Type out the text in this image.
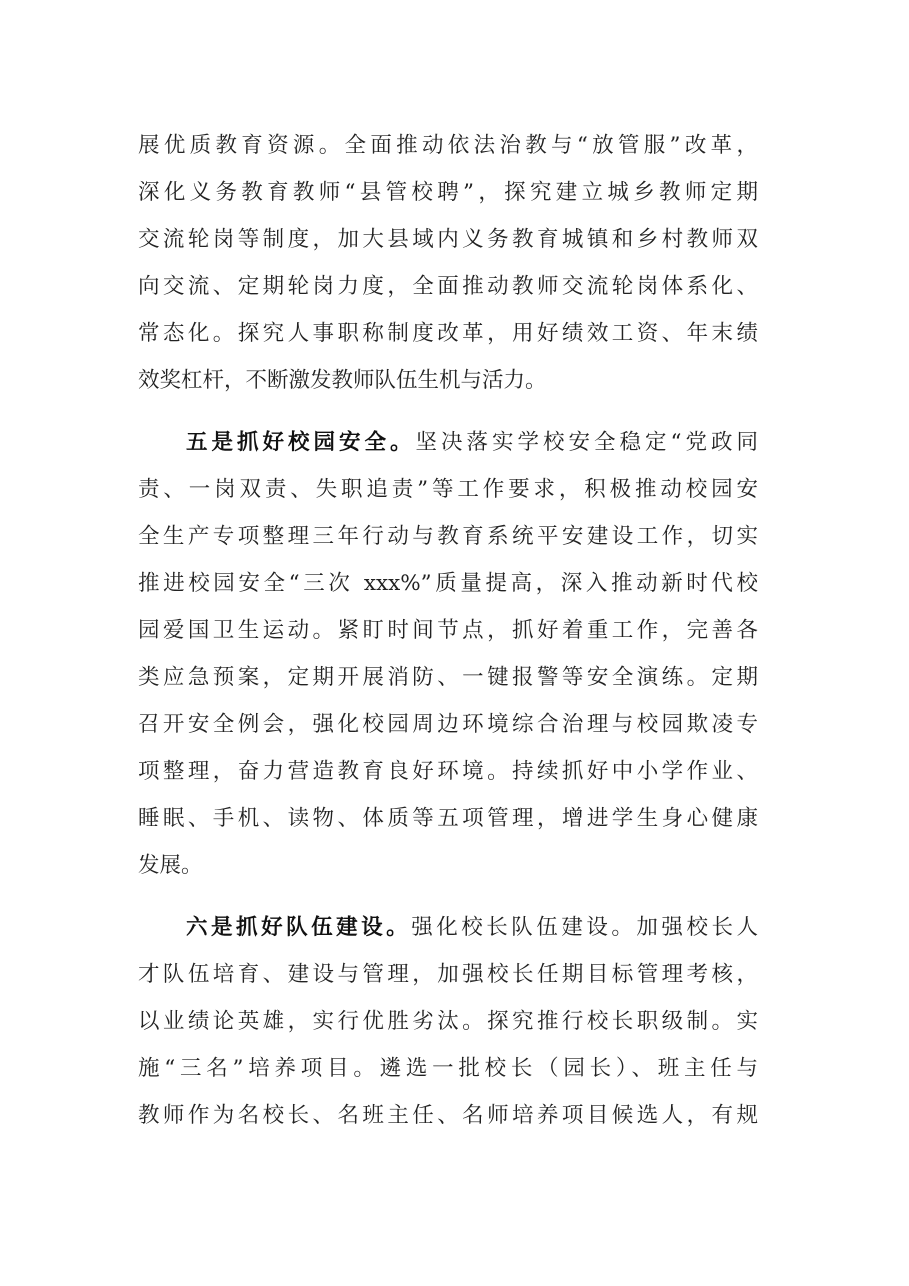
展优质教育资源。全面推动依法治教与“放管服”改革，
深化义务教育教师“县管校聘”，探究建立城乡教师定期
交流轮岗等制度，加大县域内义务教育城镇和乡村教师双
向交流、定期轮岗力度，全面推动教师交流轮岗体系化、
常态化。探究人事职称制度改革，用好绩效工资、年末绩
效奖杠杆，不断激发教师队伍生机与活力。
五是抓好校园安全。坚决落实学校安全稳定“党政同
责、一岗双责、失职追责”等工作要求，积极推动校园安
全生产专项整理三年行动与教育系统平安建设工作，切实
推进校园安全“三次 xxx%”质量提高，深入推动新时代校
园爱国卫生运动。紧盯时间节点，抓好着重工作，完善各
类应急预案，定期开展消防、一键报警等安全演练。定期
召开安全例会，强化校园周边环境综合治理与校园欺凌专
项整理，奋力营造教育良好环境。持续抓好中小学作业、
睡眠、手机、读物、体质等五项管理，增进学生身心健康
发展。
六是抓好队伍建设。强化校长队伍建设。加强校长人
才队伍培育、建设与管理，加强校长任期目标管理考核，
以业绩论英雄，实行优胜劣汰。探究推行校长职级制。实
施“三名”培养项目。遴选一批校长（园长）、班主任与
教师作为名校长、名班主任、名师培养项目候选人，有规
